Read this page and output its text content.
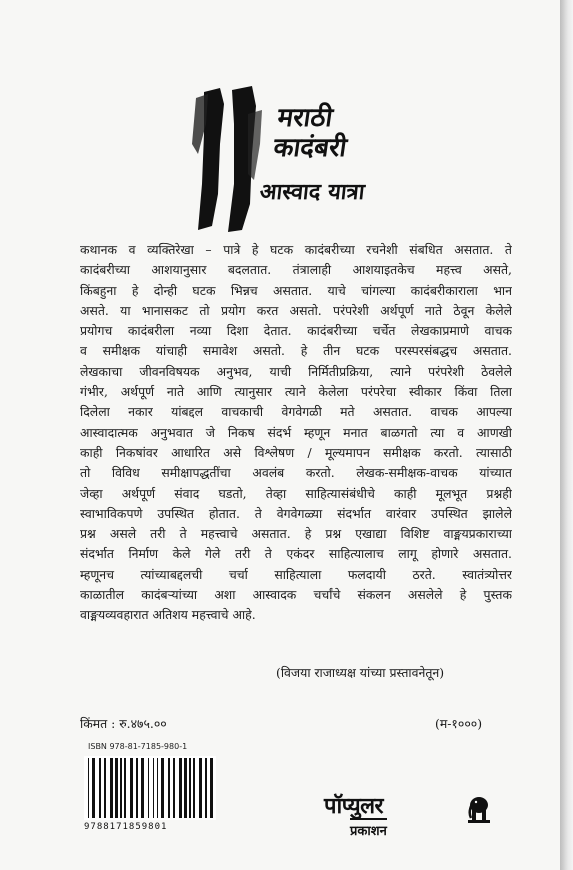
मराठी
कादंबरी
आस्वाद यात्रा

कथानक व व्यक्तिरेखा – पात्रे हे घटक कादंबरीच्या रचनेशी संबधित असतात. ते
कादंबरीच्या आशयानुसार बदलतात. तंत्रालाही आशयाइतकेच महत्त्व असते,
किंबहुना हे दोन्ही घटक भिन्नच असतात. याचे चांगल्या कादंबरीकाराला भान
असते. या भानासकट तो प्रयोग करत असतो. परंपरेशी अर्थपूर्ण नाते ठेवून केलेले
प्रयोगच कादंबरीला नव्या दिशा देतात. कादंबरीच्या चर्चेत लेखकाप्रमाणे वाचक
व समीक्षक यांचाही समावेश असतो. हे तीन घटक परस्परसंबद्धच असतात.
लेखकाचा जीवनविषयक अनुभव, याची निर्मितीप्रक्रिया, त्याने परंपरेशी ठेवलेले
गंभीर, अर्थपूर्ण नाते आणि त्यानुसार त्याने केलेला परंपरेचा स्वीकार किंवा तिला
दिलेला नकार यांबद्दल वाचकाची वेगवेगळी मते असतात. वाचक आपल्या
आस्वादात्मक अनुभवात जे निकष संदर्भ म्हणून मनात बाळगतो त्या व आणखी
काही निकषांवर आधारित असे विश्लेषण / मूल्यमापन समीक्षक करतो. त्यासाठी
तो विविध समीक्षापद्धतींचा अवलंब करतो. लेखक-समीक्षक-वाचक यांच्यात
जेव्हा अर्थपूर्ण संवाद घडतो, तेव्हा साहित्यासंबंधीचे काही मूलभूत प्रश्नही
स्वाभाविकपणे उपस्थित होतात. ते वेगवेगळ्या संदर्भात वारंवार उपस्थित झालेले
प्रश्न असले तरी ते महत्त्वाचे असतात. हे प्रश्न एखाद्या विशिष्ट वाङ्मयप्रकाराच्या
संदर्भात निर्माण केले गेले तरी ते एकंदर साहित्यालाच लागू होणारे असतात.
म्हणूनच त्यांच्याबद्दलची चर्चा साहित्याला फलदायी ठरते. स्वातंत्र्योत्तर
काळातील कादंबऱ्यांच्या अशा आस्वादक चर्चांचे संकलन असलेले हे पुस्तक
वाङ्मयव्यवहारात अतिशय महत्त्वाचे आहे.

(विजया राजाध्यक्ष यांच्या प्रस्तावनेतून)
किंमत : रु.४७५.००	(म-१०००)
ISBN 978-81-7185-980-1
9788171859801
पॉप्युलर
प्रकाशन
